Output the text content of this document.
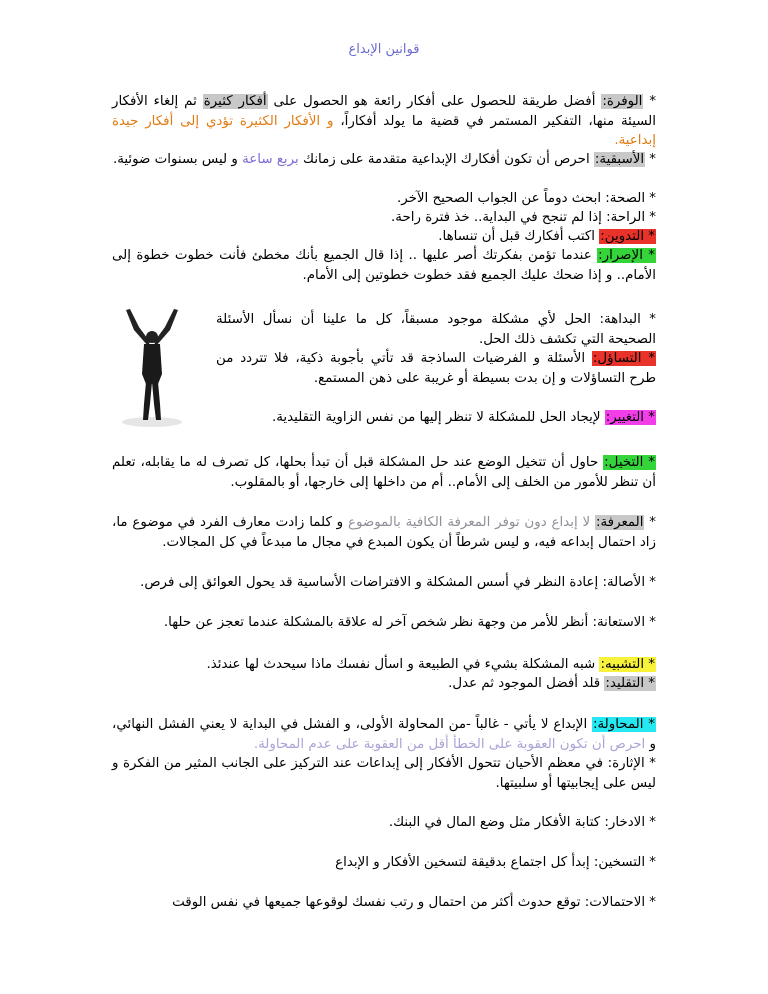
قوانين الإبداع
* الوفرة: أفضل طريقة للحصول على أفكار رائعة هو الحصول على أفكار كثيرة ثم إلغاء الأفكار السيئة منها، التفكير المستمر في قضية ما يولد أفكاراً، و الأفكار الكثيرة تؤدي إلى أفكار جيدة إبداعية.
* الأسبقية: احرص أن تكون أفكارك الإبداعية متقدمة على زمانك بربع ساعة و ليس بسنوات ضوئية.
* الصحة: ابحث دوماً عن الجواب الصحيح الآخر.
* الراحة: إذا لم تنجح في البداية.. خذ فترة راحة.
* التدوين: اكتب أفكارك قبل أن تنساها.
* الإصرار: عندما تؤمن بفكرتك أصر عليها .. إذا قال الجميع بأنك مخطئ فأنت خطوت خطوة إلى الأمام.. و إذا ضحك عليك الجميع فقد خطوت خطوتين إلى الأمام.
* البداهة: الحل لأي مشكلة موجود مسبقاً، كل ما علينا أن نسأل الأسئلة الصحيحة التي تكشف ذلك الحل.
* التساؤل: الأسئلة و الفرضيات الساذجة قد تأتي بأجوبة ذكية، فلا تتردد من طرح التساؤلات و إن بدت بسيطة أو غريبة على ذهن المستمع.
* التغيير: لإيجاد الحل للمشكلة لا تنظر إليها من نفس الزاوية التقليدية.
* التخيل: حاول أن تتخيل الوضع عند حل المشكلة قبل أن تبدأ بحلها، كل تصرف له ما يقابله، تعلم أن تنظر للأمور من الخلف إلى الأمام.. أم من داخلها إلى خارجها، أو بالمقلوب.
* المعرفة: لا إبداع دون توفر المعرفة الكافية بالموضوع و كلما زادت معارف الفرد في موضوع ما، زاد احتمال إبداعه فيه، و ليس شرطاً أن يكون المبدع في مجال ما مبدعاً في كل المجالات.
* الأصالة: إعادة النظر في أسس المشكلة و الافتراضات الأساسية قد يحول العوائق إلى فرص.
* الاستعانة: أنظر للأمر من وجهة نظر شخص آخر له علاقة بالمشكلة عندما تعجز عن حلها.
* التشبيه: شبه المشكلة بشيء في الطبيعة و اسأل نفسك ماذا سيحدث لها عندئذ.
* التقليد: قلد أفضل الموجود ثم عدل.
* المحاولة: الإبداع لا يأتي - غالباً -من المحاولة الأولى، و الفشل في البداية لا يعني الفشل النهائي، و احرص أن تكون العقوبة على الخطأ أقل من العقوبة على عدم المحاولة.
* الإثارة: في معظم الأحيان تتحول الأفكار إلى إبداعات عند التركيز على الجانب المثير من الفكرة و ليس على إيجابيتها أو سلبيتها.
* الادخار: كتابة الأفكار مثل وضع المال في البنك.
* التسخين: إبدأ كل اجتماع بدقيقة لتسخين الأفكار و الإبداع
* الاحتمالات: توقع حدوث أكثر من احتمال و رتب نفسك لوقوعها جميعها في نفس الوقت
